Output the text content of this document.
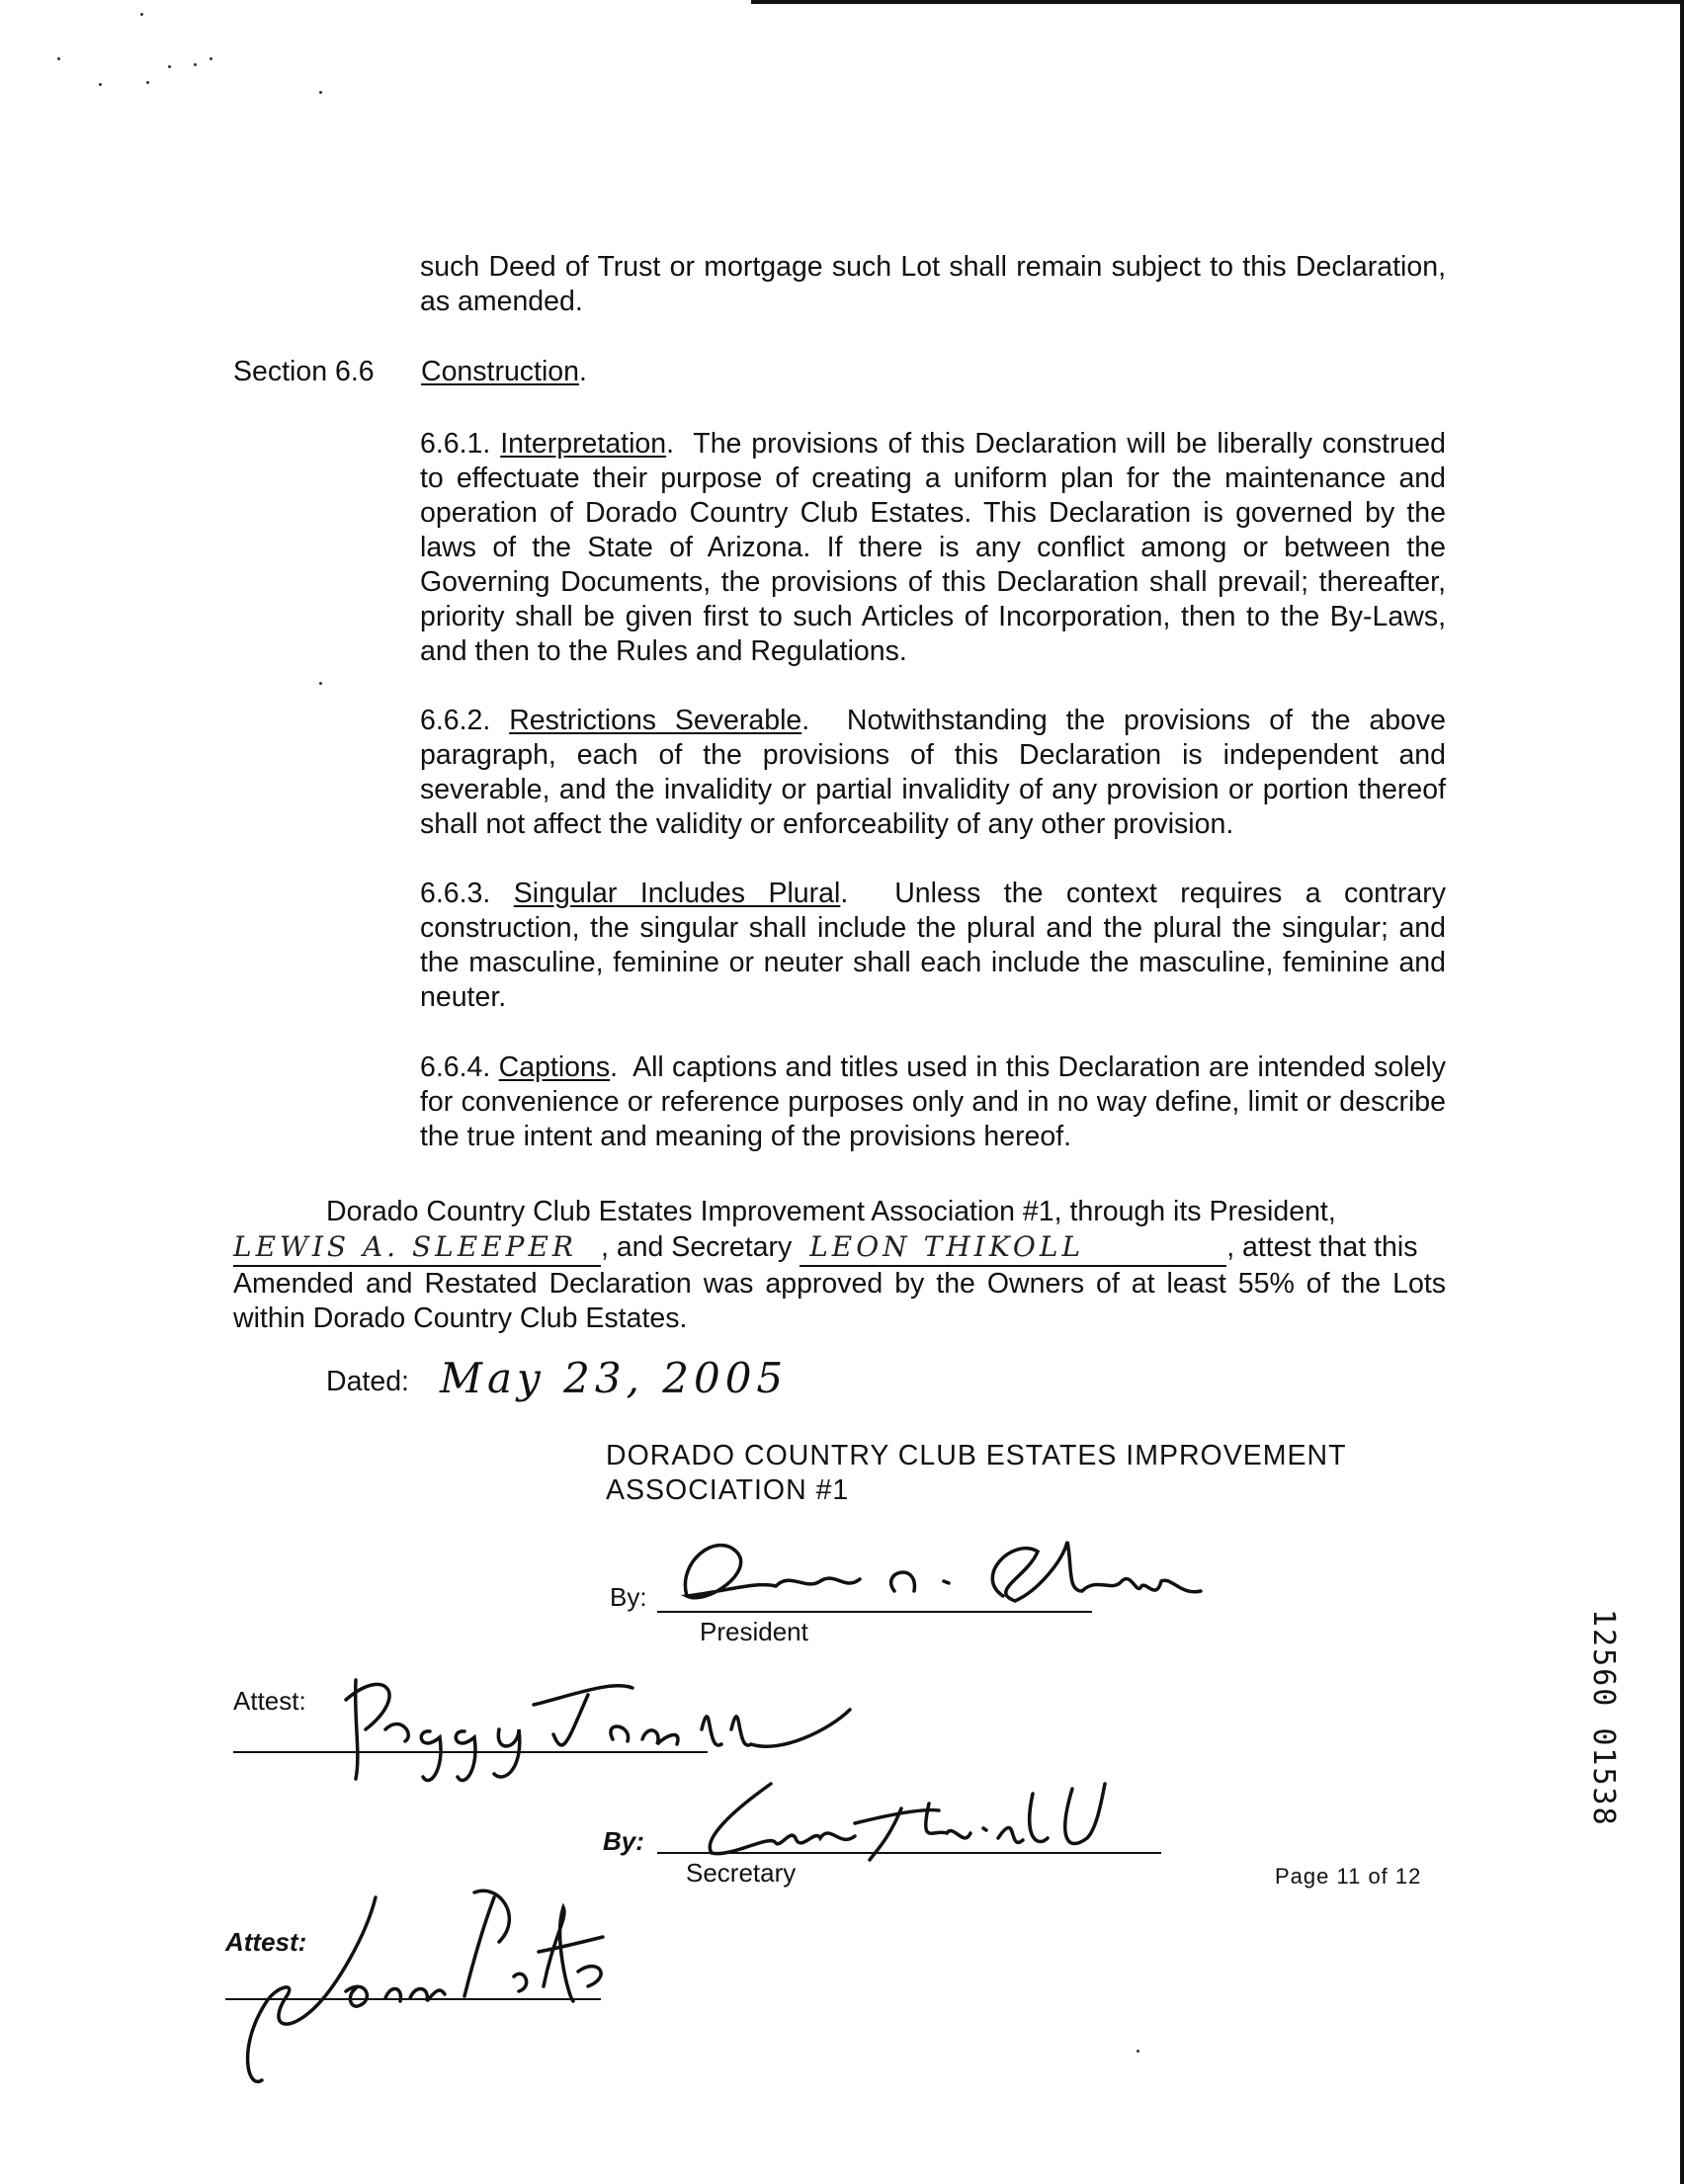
such Deed of Trust or mortgage such Lot shall remain subject to this Declaration, as amended.
Section 6.6 Construction.
6.6.1. Interpretation.  The provisions of this Declaration will be liberally construed to effectuate their purpose of creating a uniform plan for the maintenance and operation of Dorado Country Club Estates. This Declaration is governed by the laws of the State of Arizona. If there is any conflict among or between the Governing Documents, the provisions of this Declaration shall prevail; thereafter, priority shall be given first to such Articles of Incorporation, then to the By-Laws, and then to the Rules and Regulations.
6.6.2. Restrictions Severable.  Notwithstanding the provisions of the above paragraph, each of the provisions of this Declaration is independent and severable, and the invalidity or partial invalidity of any provision or portion thereof shall not affect the validity or enforceability of any other provision.
6.6.3. Singular Includes Plural.  Unless the context requires a contrary construction, the singular shall include the plural and the plural the singular; and the masculine, feminine or neuter shall each include the masculine, feminine and neuter.
6.6.4. Captions.  All captions and titles used in this Declaration are intended solely for convenience or reference purposes only and in no way define, limit or describe the true intent and meaning of the provisions hereof.
Dorado Country Club Estates Improvement Association #1, through its President,
LEWIS A. SLEEPER , and Secretary LEON THIKOLL	, attest that this
Amended and Restated Declaration was approved by the Owners of at least 55% of the Lots within Dorado Country Club Estates.
Dated: May 23, 2005
DORADO COUNTRY CLUB ESTATES IMPROVEMENT ASSOCIATION #1
By:
President
Attest:
By:
Secretary
Attest:
Page 11 of 12
12560 01538
